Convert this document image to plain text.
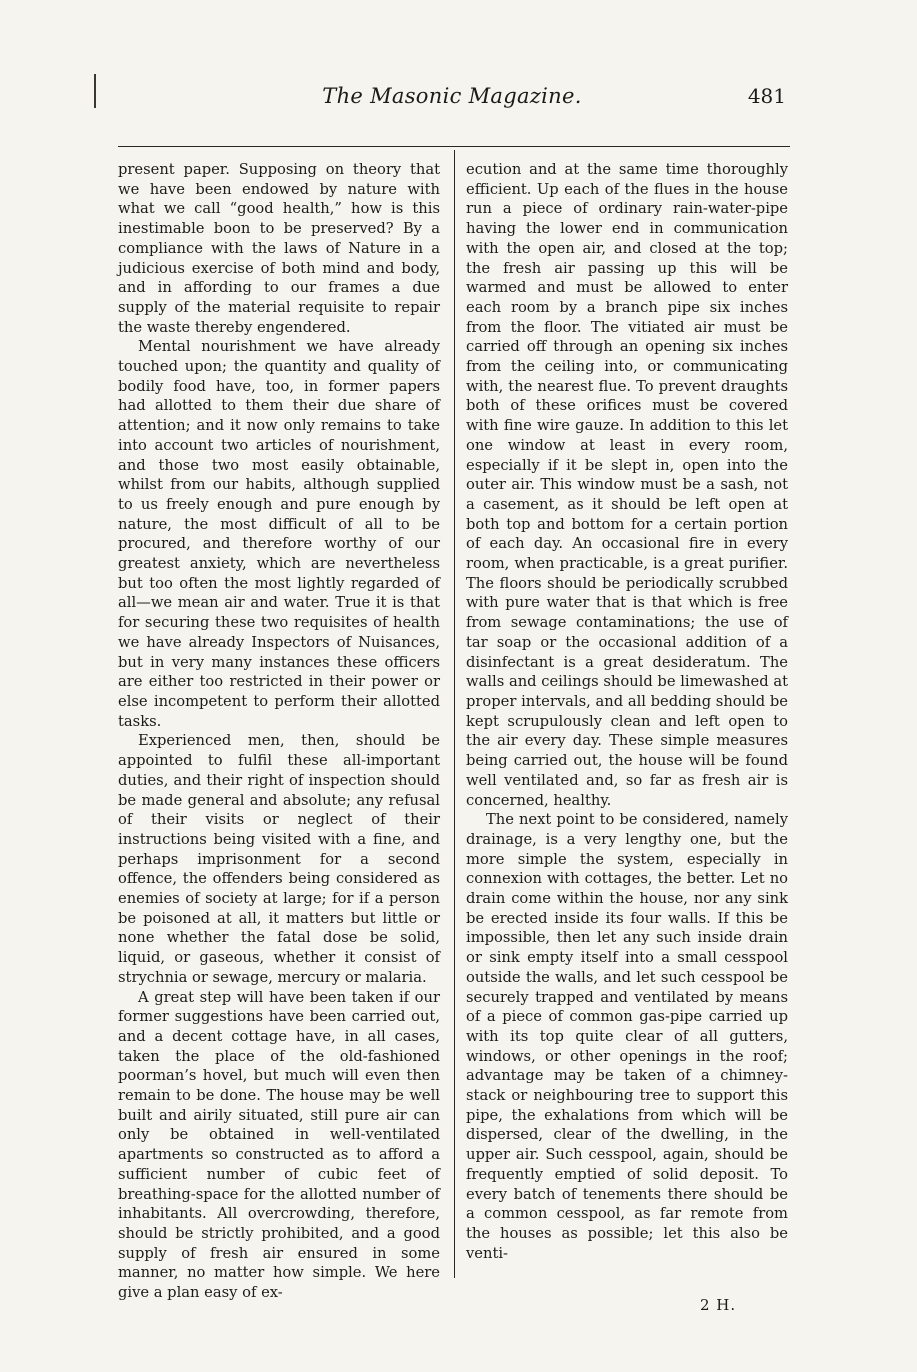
The Masonic Magazine.	481

present paper. Supposing on theory that we have been endowed by nature with what we call “good health,” how is this inestimable boon to be preserved? By a compliance with the laws of Nature in a judicious exercise of both mind and body, and in affording to our frames a due supply of the material requisite to repair the waste thereby engendered.

Mental nourishment we have already touched upon; the quantity and quality of bodily food have, too, in former papers had allotted to them their due share of attention; and it now only remains to take into account two articles of nourishment, and those two most easily obtainable, whilst from our habits, although supplied to us freely enough and pure enough by nature, the most difficult of all to be procured, and therefore worthy of our greatest anxiety, which are nevertheless but too often the most lightly regarded of all—we mean air and water. True it is that for securing these two requisites of health we have already Inspectors of Nuisances, but in very many instances these officers are either too restricted in their power or else incompetent to perform their allotted tasks.

Experienced men, then, should be appointed to fulfil these all-important duties, and their right of inspection should be made general and absolute; any refusal of their visits or neglect of their instructions being visited with a fine, and perhaps imprisonment for a second offence, the offenders being considered as enemies of society at large; for if a person be poisoned at all, it matters but little or none whether the fatal dose be solid, liquid, or gaseous, whether it consist of strychnia or sewage, mercury or malaria.

A great step will have been taken if our former suggestions have been carried out, and a decent cottage have, in all cases, taken the place of the old-fashioned poorman’s hovel, but much will even then remain to be done. The house may be well built and airily situated, still pure air can only be obtained in well-ventilated apartments so constructed as to afford a sufficient number of cubic feet of breathing-space for the allotted number of inhabitants. All overcrowding, therefore, should be strictly prohibited, and a good supply of fresh air ensured in some manner, no matter how simple. We here give a plan easy of ex-

ecution and at the same time thoroughly efficient. Up each of the flues in the house run a piece of ordinary rain-water-pipe having the lower end in communication with the open air, and closed at the top; the fresh air passing up this will be warmed and must be allowed to enter each room by a branch pipe six inches from the floor. The vitiated air must be carried off through an opening six inches from the ceiling into, or communicating with, the nearest flue. To prevent draughts both of these orifices must be covered with fine wire gauze. In addition to this let one window at least in every room, especially if it be slept in, open into the outer air. This window must be a sash, not a casement, as it should be left open at both top and bottom for a certain portion of each day. An occasional fire in every room, when practicable, is a great purifier. The floors should be periodically scrubbed with pure water that is that which is free from sewage contaminations; the use of tar soap or the occasional addition of a disinfectant is a great desideratum. The walls and ceilings should be limewashed at proper intervals, and all bedding should be kept scrupulously clean and left open to the air every day. These simple measures being carried out, the house will be found well ventilated and, so far as fresh air is concerned, healthy.

The next point to be considered, namely drainage, is a very lengthy one, but the more simple the system, especially in connexion with cottages, the better. Let no drain come within the house, nor any sink be erected inside its four walls. If this be impossible, then let any such inside drain or sink empty itself into a small cesspool outside the walls, and let such cesspool be securely trapped and ventilated by means of a piece of common gas-pipe carried up with its top quite clear of all gutters, windows, or other openings in the roof; advantage may be taken of a chimney-stack or neighbouring tree to support this pipe, the exhalations from which will be dispersed, clear of the dwelling, in the upper air. Such cesspool, again, should be frequently emptied of solid deposit. To every batch of tenements there should be a common cesspool, as far remote from the houses as possible; let this also be venti-

2 H.
